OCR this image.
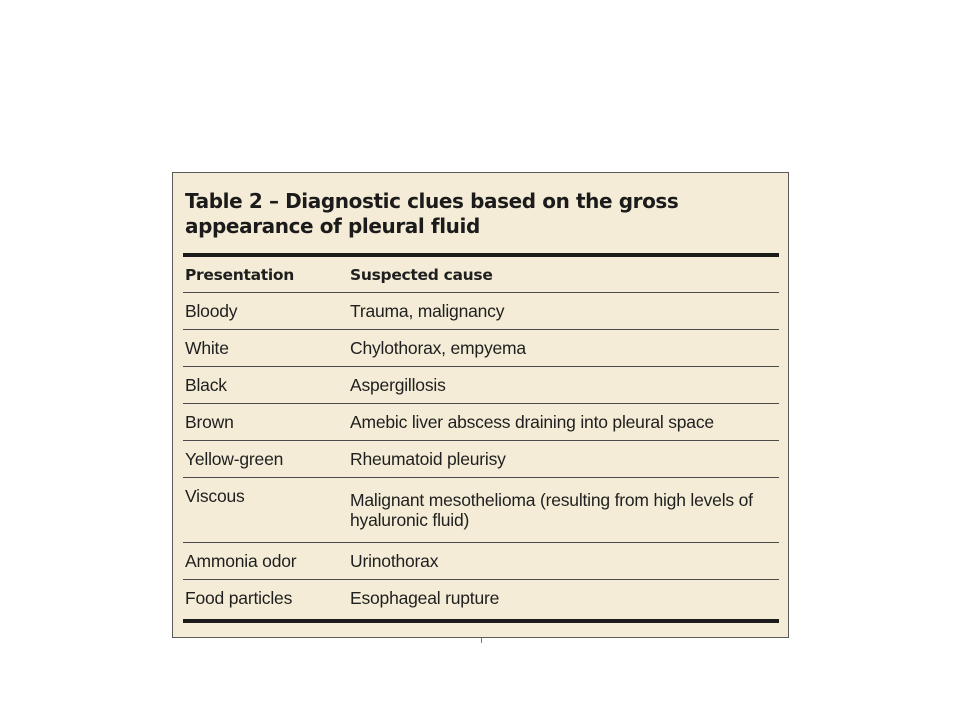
Table 2 – Diagnostic clues based on the gross appearance of pleural fluid
Presentation	Suspected cause
Bloody	Trauma, malignancy
White	Chylothorax, empyema
Black	Aspergillosis
Brown	Amebic liver abscess draining into pleural space
Yellow-green	Rheumatoid pleurisy
Viscous	Malignant mesothelioma (resulting from high levels of hyaluronic fluid)
Ammonia odor	Urinothorax
Food particles	Esophageal rupture
